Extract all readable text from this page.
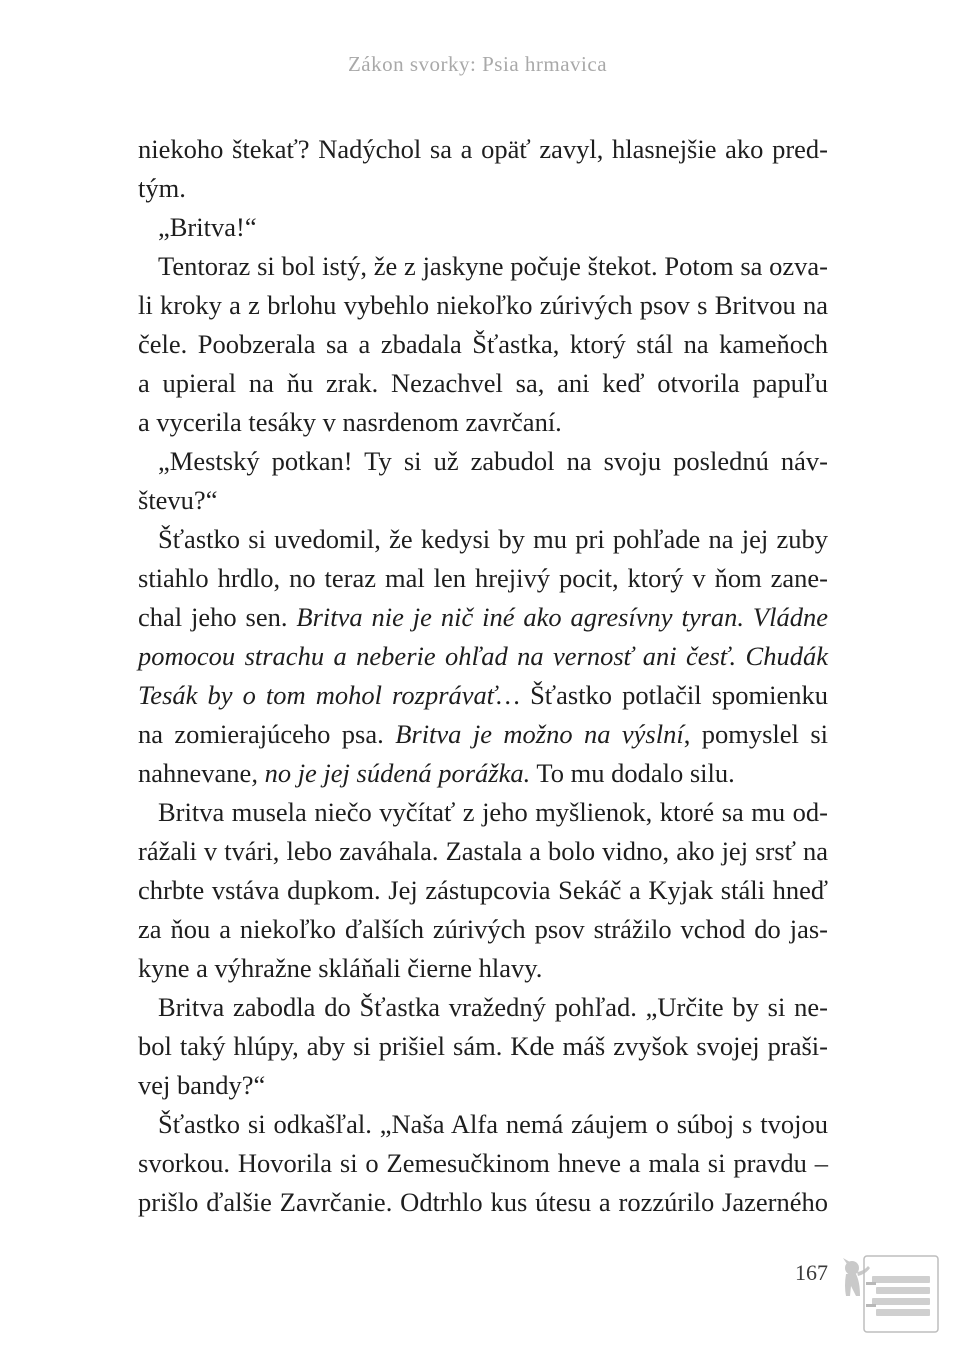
Zákon svorky: Psia hrmavica
niekoho štekať? Nadýchol sa a opäť zavyl, hlasnejšie ako pred-
tým.
„Britva!“
Tentoraz si bol istý, že z jaskyne počuje štekot. Potom sa ozva-
li kroky a z brlohu vybehlo niekoľko zúrivých psov s Britvou na
čele. Poobzerala sa a zbadala Šťastka, ktorý stál na kameňoch
a upieral na ňu zrak. Nezachvel sa, ani keď otvorila papuľu
a vycerila tesáky v nasrdenom zavrčaní.
„Mestský potkan! Ty si už zabudol na svoju poslednú náv-
števu?“
Šťastko si uvedomil, že kedysi by mu pri pohľade na jej zuby
stiahlo hrdlo, no teraz mal len hrejivý pocit, ktorý v ňom zane-
chal jeho sen. Britva nie je nič iné ako agresívny tyran. Vládne
pomocou strachu a neberie ohľad na vernosť ani česť. Chudák
Tesák by o tom mohol rozprávať… Šťastko potlačil spomienku
na zomierajúceho psa. Britva je možno na výslní, pomyslel si
nahnevane, no je jej súdená porážka. To mu dodalo silu.
Britva musela niečo vyčítať z jeho myšlienok, ktoré sa mu od-
rážali v tvári, lebo zaváhala. Zastala a bolo vidno, ako jej srsť na
chrbte vstáva dupkom. Jej zástupcovia Sekáč a Kyjak stáli hneď
za ňou a niekoľko ďalších zúrivých psov strážilo vchod do jas-
kyne a výhražne skláňali čierne hlavy.
Britva zabodla do Šťastka vražedný pohľad. „Určite by si ne-
bol taký hlúpy, aby si prišiel sám. Kde máš zvyšok svojej praši-
vej bandy?“
Šťastko si odkašľal. „Naša Alfa nemá záujem o súboj s tvojou
svorkou. Hovorila si o Zemesučkinom hneve a mala si pravdu –
prišlo ďalšie Zavrčanie. Odtrhlo kus útesu a rozzúrilo Jazerného
167
